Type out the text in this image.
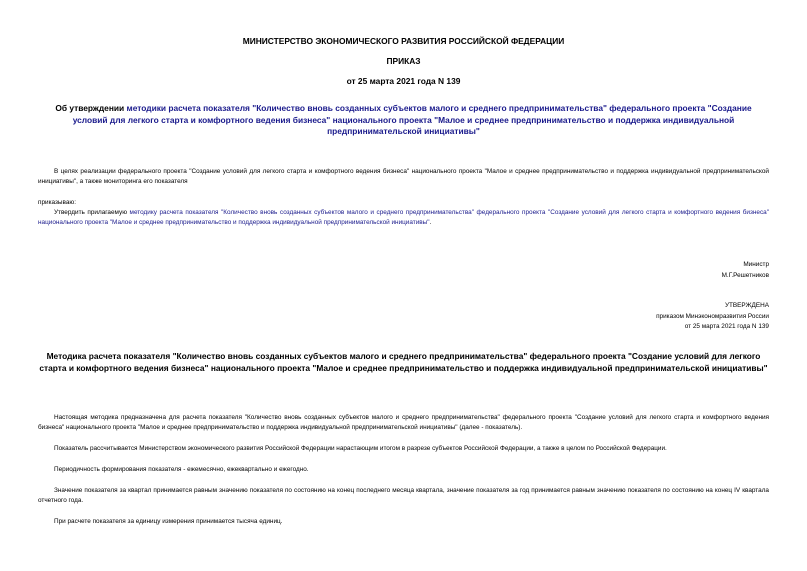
МИНИСТЕРСТВО ЭКОНОМИЧЕСКОГО РАЗВИТИЯ РОССИЙСКОЙ ФЕДЕРАЦИИ
ПРИКАЗ
от 25 марта 2021 года N 139
Об утверждении методики расчета показателя "Количество вновь созданных субъектов малого и среднего предпринимательства" федерального проекта "Создание условий для легкого старта и комфортного ведения бизнеса" национального проекта "Малое и среднее предпринимательство и поддержка индивидуальной предпринимательской инициативы"
В целях реализации федерального проекта "Создание условий для легкого старта и комфортного ведения бизнеса" национального проекта "Малое и среднее предпринимательство и поддержка индивидуальной предпринимательской инициативы", а также мониторинга его показателя
приказываю:
Утвердить прилагаемую методику расчета показателя "Количество вновь созданных субъектов малого и среднего предпринимательства" федерального проекта "Создание условий для легкого старта и комфортного ведения бизнеса" национального проекта "Малое и среднее предпринимательство и поддержка индивидуальной предпринимательской инициативы".
Министр
М.Г.Решетников
УТВЕРЖДЕНА
приказом Минэкономразвития России
от 25 марта 2021 года N 139
Методика расчета показателя "Количество вновь созданных субъектов малого и среднего предпринимательства" федерального проекта "Создание условий для легкого старта и комфортного ведения бизнеса" национального проекта "Малое и среднее предпринимательство и поддержка индивидуальной предпринимательской инициативы"
Настоящая методика предназначена для расчета показателя "Количество вновь созданных субъектов малого и среднего предпринимательства" федерального проекта "Создание условий для легкого старта и комфортного ведения бизнеса" национального проекта "Малое и среднее предпринимательство и поддержка индивидуальной предпринимательской инициативы" (далее - показатель).
Показатель рассчитывается Министерством экономического развития Российской Федерации нарастающим итогом в разрезе субъектов Российской Федерации, а также в целом по Российской Федерации.
Периодичность формирования показателя - ежемесячно, ежеквартально и ежегодно.
Значение показателя за квартал принимается равным значению показателя по состоянию на конец последнего месяца квартала, значение показателя за год принимается равным значению показателя по состоянию на конец IV квартала отчетного года.
При расчете показателя за единицу измерения принимается тысяча единиц.
